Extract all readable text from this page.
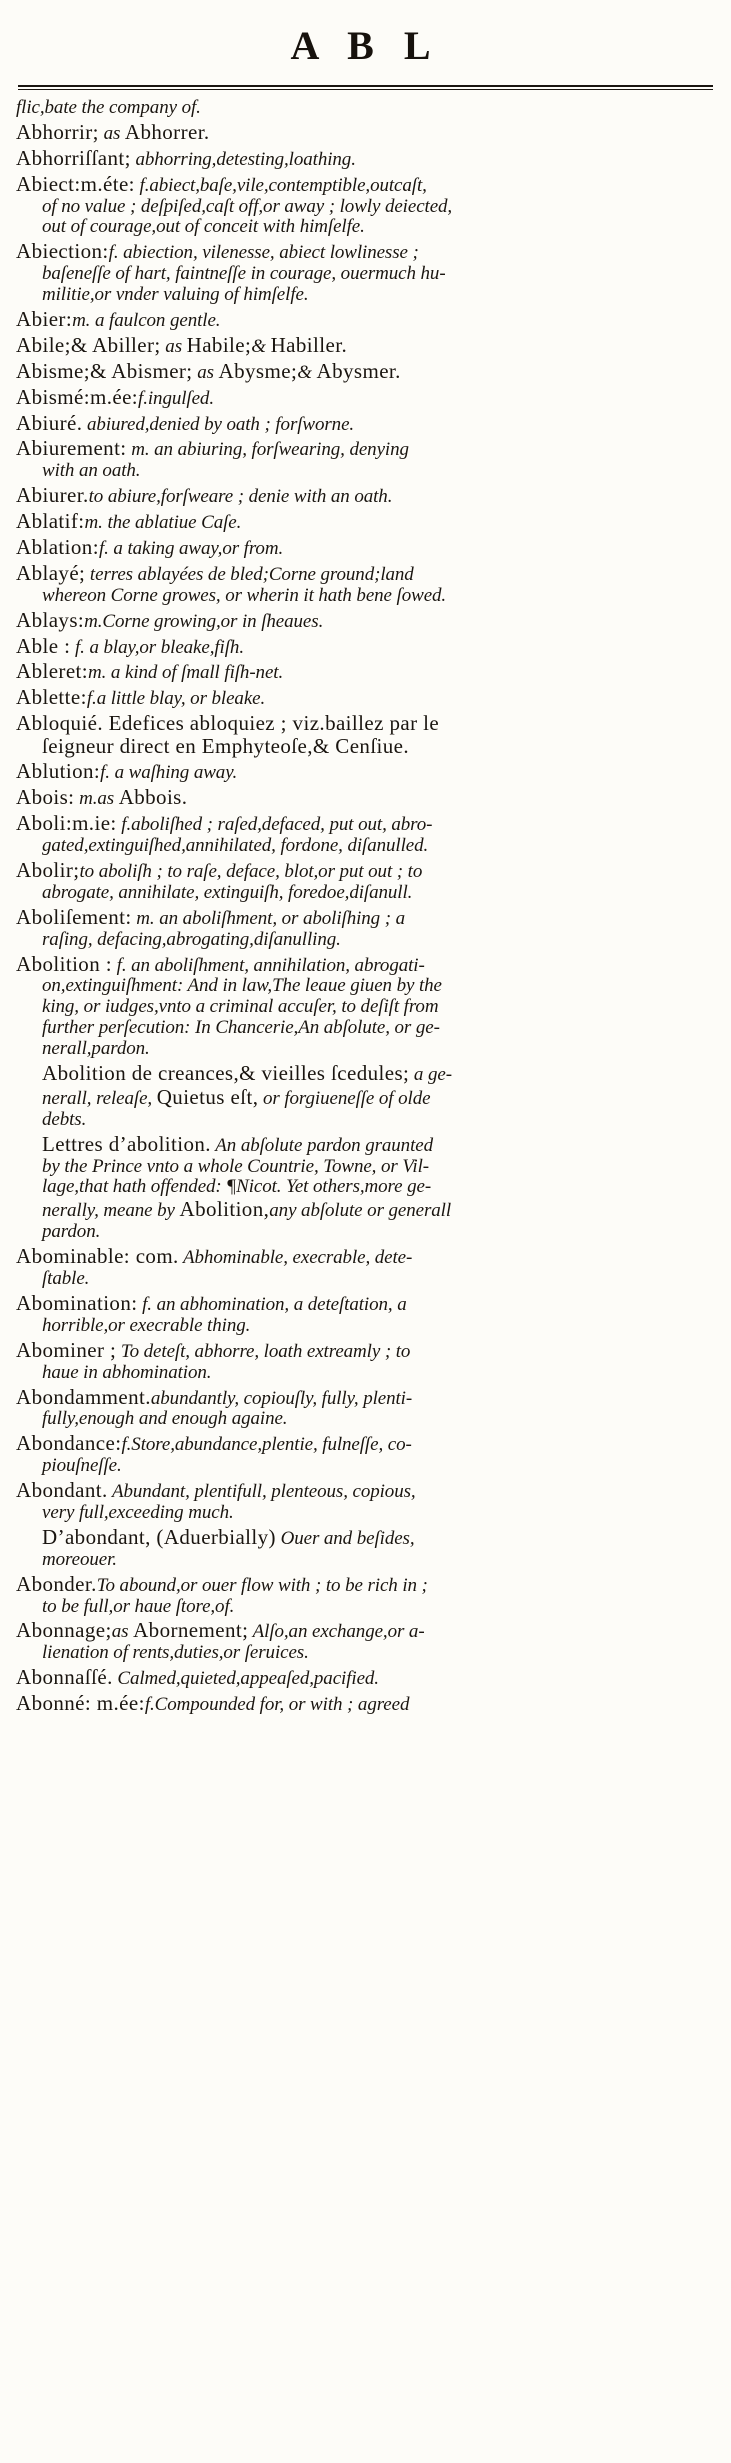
A B L
flic,bate the company of.
Abhorrir; as Abhorrer.
Abhorriſſant; abhorring,detesting,loathing.
Abiect:m.éte: f.abiect,baſe,vile,contemptible,outcaſt,
of no value ; deſpiſed,caſt off,or away ; lowly deiected,
out of courage,out of conceit with himſelfe.
Abiection:f. abiection, vilenesse, abiect lowlinesse ;
baſeneſſe of hart, faintneſſe in courage, ouermuch hu-
militie,or vnder valuing of himſelfe.
Abier:m. a faulcon gentle.
Abile;& Abiller; as Habile;& Habiller.
Abisme;& Abismer; as Abysme;& Abysmer.
Abismé:m.ée:f.ingulſed.
Abiuré. abiured,denied by oath ; forſworne.
Abiurement: m. an abiuring, forſwearing, denying
with an oath.
Abiurer.to abiure,forſweare ; denie with an oath.
Ablatif:m. the ablatiue Caſe.
Ablation:f. a taking away,or from.
Ablayé; terres ablayées de bled;Corne ground;land
whereon Corne growes, or wherin it hath bene ſowed.
Ablays:m.Corne growing,or in ſheaues.
Able : f. a blay,or bleake,fiſh.
Ableret:m. a kind of ſmall fiſh-net.
Ablette:f.a little blay, or bleake.
Abloquié. Edefices abloquiez ; viz.baillez par le
ſeigneur direct en Emphyteoſe,& Cenſiue.
Ablution:f. a waſhing away.
Abois: m.as Abbois.
Aboli:m.ie: f.aboliſhed ; raſed,defaced, put out, abro-
gated,extinguiſhed,annihilated, fordone, diſanulled.
Abolir;to aboliſh ; to raſe, deface, blot,or put out ; to
abrogate, annihilate, extinguiſh, foredoe,diſanull.
Aboliſement: m. an aboliſhment, or aboliſhing ; a
raſing, defacing,abrogating,diſanulling.
Abolition : f. an aboliſhment, annihilation, abrogati-
on,extinguiſhment: And in law,The leaue giuen by the
king, or iudges,vnto a criminal accuſer, to deſiſt from
further perſecution: In Chancerie,An abſolute, or ge-
nerall,pardon.
Abolition de creances,& vieilles ſcedules; a ge-
nerall, releaſe, Quietus eſt, or forgiueneſſe of olde
debts.
Lettres d’abolition. An abſolute pardon graunted
by the Prince vnto a whole Countrie, Towne, or Vil-
lage,that hath offended: ¶Nicot. Yet others,more ge-
nerally, meane by Abolition,any abſolute or generall
pardon.
Abominable: com. Abhominable, execrable, dete-
ſtable.
Abomination: f. an abhomination, a deteſtation, a
horrible,or execrable thing.
Abominer ; To deteſt, abhorre, loath extreamly ; to
haue in abhomination.
Abondamment.abundantly, copiouſly, fully, plenti-
fully,enough and enough againe.
Abondance:f.Store,abundance,plentie, fulneſſe, co-
piouſneſſe.
Abondant. Abundant, plentifull, plenteous, copious,
very full,exceeding much.
D’abondant, (Aduerbially) Ouer and beſides,
moreouer.
Abonder.To abound,or ouer flow with ; to be rich in ;
to be full,or haue ſtore,of.
Abonnage;as Abornement; Alſo,an exchange,or a-
lienation of rents,duties,or ſeruices.
Abonnaſſé. Calmed,quieted,appeaſed,pacified.
Abonné: m.ée:f.Compounded for, or with ; agreed
